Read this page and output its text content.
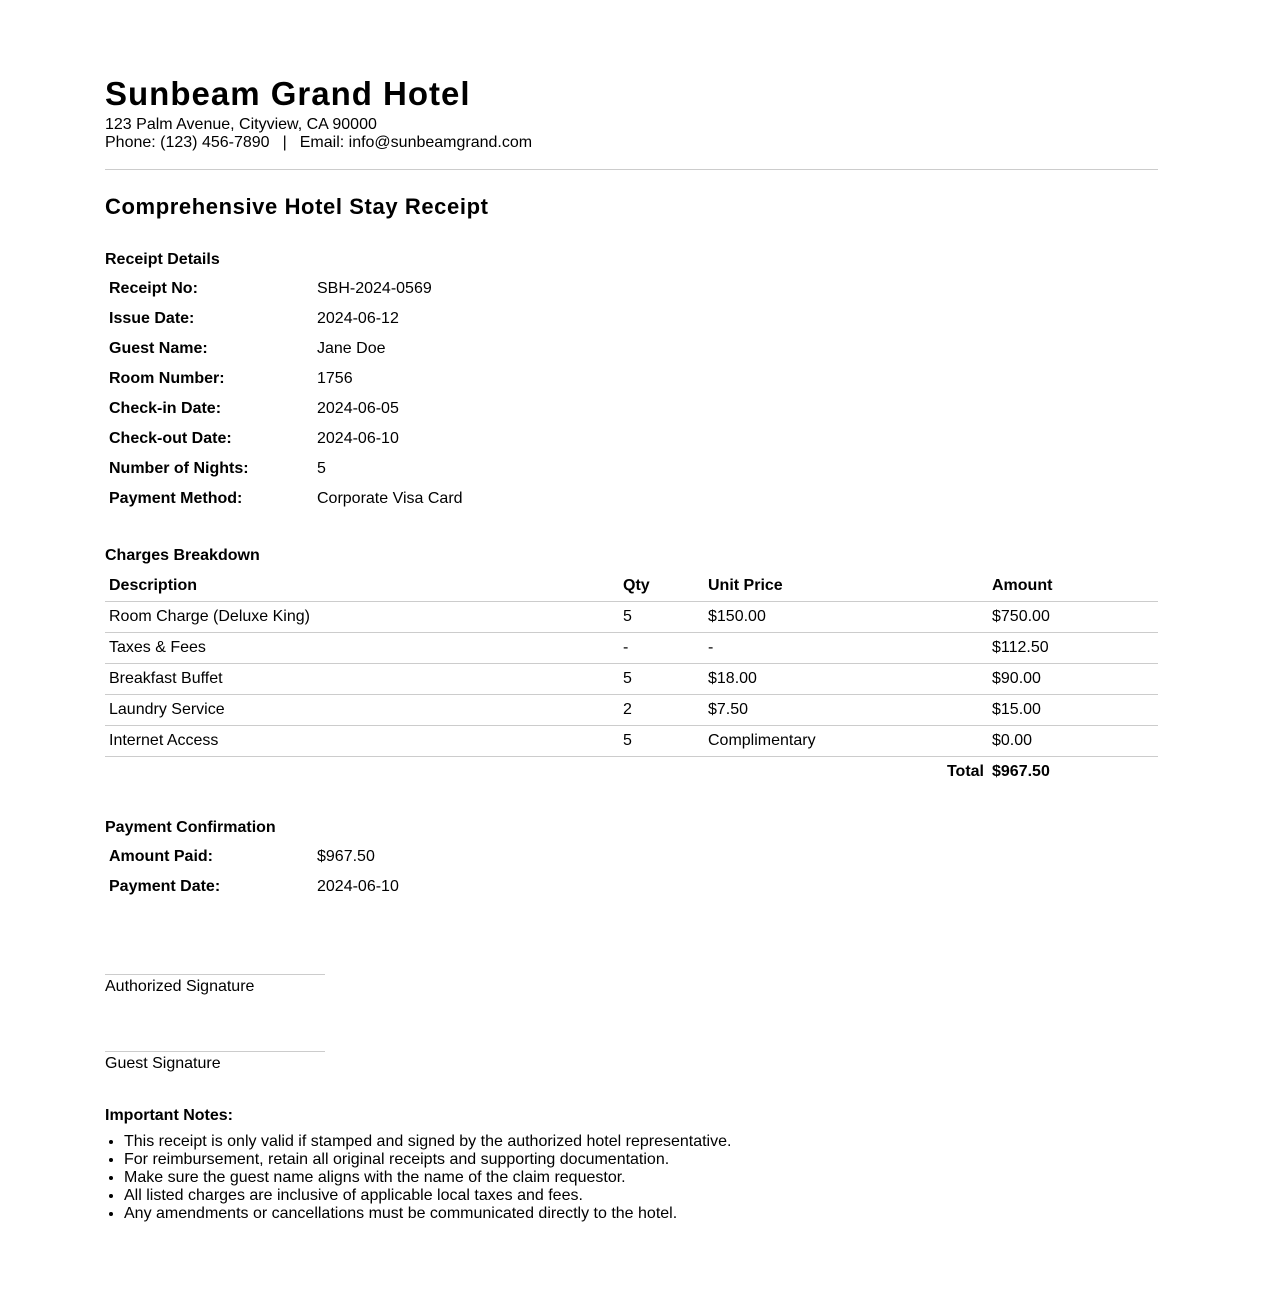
Sunbeam Grand Hotel
123 Palm Avenue, Cityview, CA 90000
Phone: (123) 456-7890 | Email: info@sunbeamgrand.com
Comprehensive Hotel Stay Receipt
Receipt Details
Receipt No:	SBH-2024-0569
Issue Date:	2024-06-12
Guest Name:	Jane Doe
Room Number:	1756
Check-in Date:	2024-06-05
Check-out Date:	2024-06-10
Number of Nights:	5
Payment Method:	Corporate Visa Card
Charges Breakdown
Description	Qty	Unit Price	Amount
Room Charge (Deluxe King)	5	$150.00	$750.00
Taxes & Fees	-	-	$112.50
Breakfast Buffet	5	$18.00	$90.00
Laundry Service	2	$7.50	$15.00
Internet Access	5	Complimentary	$0.00
Total			$967.50
Payment Confirmation
Amount Paid:	$967.50
Payment Date:	2024-06-10
Authorized Signature
Guest Signature
Important Notes:
• This receipt is only valid if stamped and signed by the authorized hotel representative.
• For reimbursement, retain all original receipts and supporting documentation.
• Make sure the guest name aligns with the name of the claim requestor.
• All listed charges are inclusive of applicable local taxes and fees.
• Any amendments or cancellations must be communicated directly to the hotel.
